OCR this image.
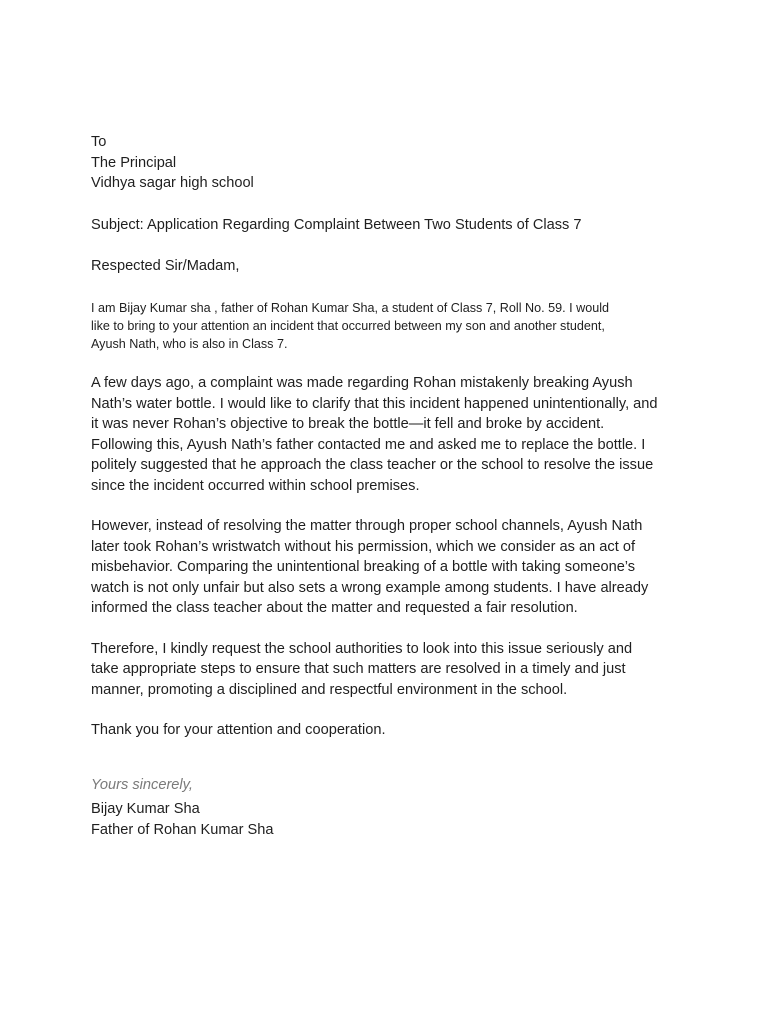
To

The Principal

Vidhya sagar high school

Subject: Application Regarding Complaint Between Two Students of Class 7

Respected Sir/Madam,

I am Bijay Kumar sha , father of Rohan Kumar Sha, a student of Class 7, Roll No. 59. I would

like to bring to your attention an incident that occurred between my son and another student,

Ayush Nath, who is also in Class 7.

A few days ago, a complaint was made regarding Rohan mistakenly breaking Ayush

Nath’s water bottle. I would like to clarify that this incident happened unintentionally, and

it was never Rohan’s objective to break the bottle—it fell and broke by accident.

Following this, Ayush Nath’s father contacted me and asked me to replace the bottle. I

politely suggested that he approach the class teacher or the school to resolve the issue

since the incident occurred within school premises.

However, instead of resolving the matter through proper school channels, Ayush Nath

later took Rohan’s wristwatch without his permission, which we consider as an act of

misbehavior. Comparing the unintentional breaking of a bottle with taking someone’s

watch is not only unfair but also sets a wrong example among students. I have already

informed the class teacher about the matter and requested a fair resolution.

Therefore, I kindly request the school authorities to look into this issue seriously and

take appropriate steps to ensure that such matters are resolved in a timely and just

manner, promoting a disciplined and respectful environment in the school.

Thank you for your attention and cooperation.

Yours sincerely,

Bijay Kumar Sha

Father of Rohan Kumar Sha
